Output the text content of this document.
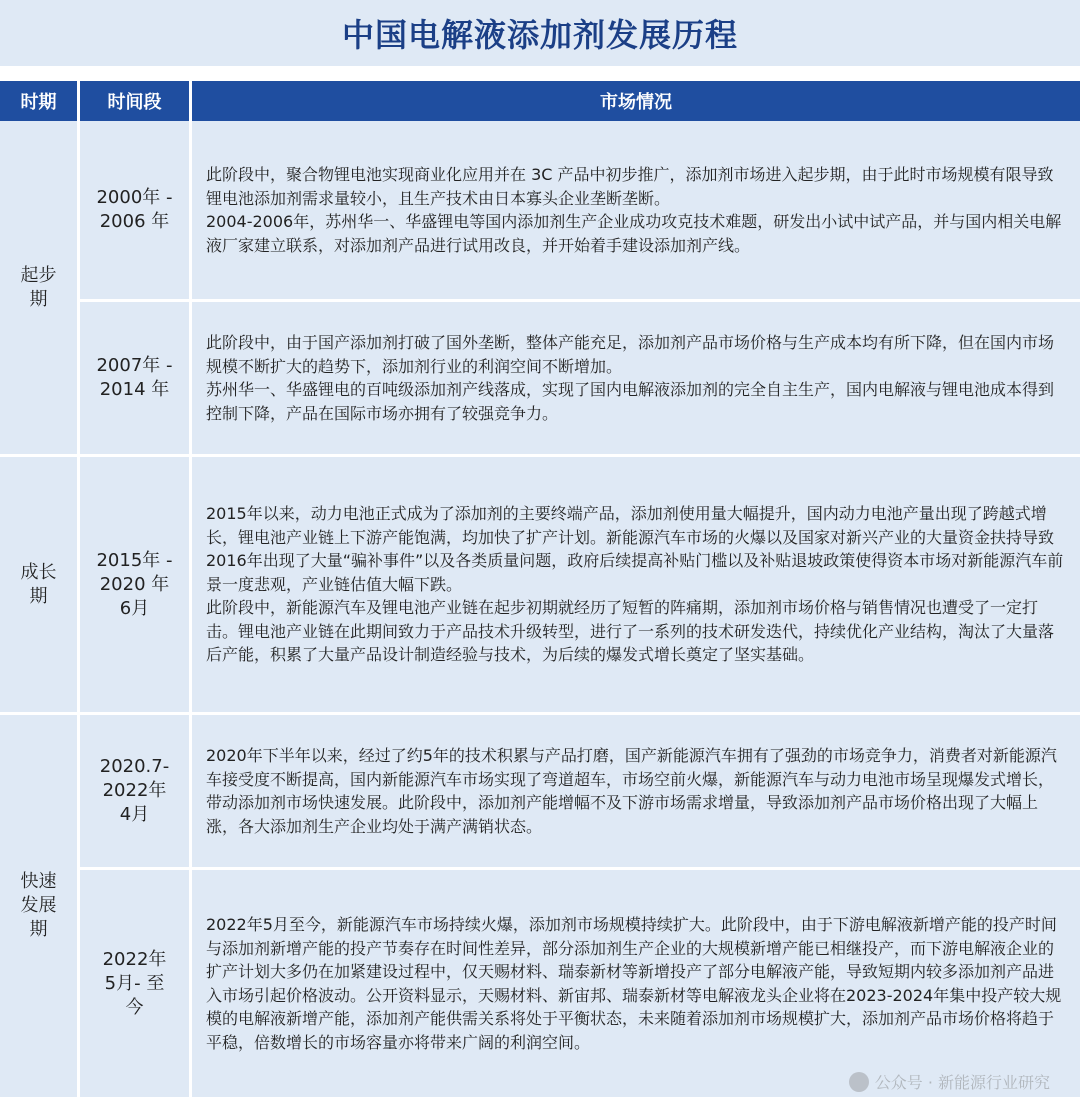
中国电解液添加剂发展历程
时期	时间段	市场情况
起步期	2000年 - 2006 年	此阶段中，聚合物锂电池实现商业化应用并在 3C 产品中初步推广，添加剂市场进入起步期，由于此时市场规模有限导致锂电池添加剂需求量较小，且生产技术由日本寡头企业垄断垄断。

2004-2006年，苏州华一、华盛锂电等国内添加剂生产企业成功攻克技术难题，研发出小试中试产品，并与国内相关电解液厂家建立联系，对添加剂产品进行试用改良，并开始着手建设添加剂产线。

	2007年 - 2014 年	此阶段中，由于国产添加剂打破了国外垄断，整体产能充足，添加剂产品市场价格与生产成本均有所下降，但在国内市场规模不断扩大的趋势下，添加剂行业的利润空间不断增加。

苏州华一、华盛锂电的百吨级添加剂产线落成，实现了国内电解液添加剂的完全自主生产，国内电解液与锂电池成本得到控制下降，产品在国际市场亦拥有了较强竞争力。

成长期	2015年 - 2020 年6月	2015年以来，动力电池正式成为了添加剂的主要终端产品，添加剂使用量大幅提升，国内动力电池产量出现了跨越式增长，锂电池产业链上下游产能饱满，均加快了扩产计划。新能源汽车市场的火爆以及国家对新兴产业的大量资金扶持导致2016年出现了大量“骗补事件”以及各类质量问题，政府后续提高补贴门槛以及补贴退坡政策使得资本市场对新能源汽车前景一度悲观，产业链估值大幅下跌。

此阶段中，新能源汽车及锂电池产业链在起步初期就经历了短暂的阵痛期，添加剂市场价格与销售情况也遭受了一定打击。锂电池产业链在此期间致力于产品技术升级转型，进行了一系列的技术研发迭代，持续优化产业结构，淘汰了大量落后产能，积累了大量产品设计制造经验与技术，为后续的爆发式增长奠定了坚实基础。

快速发展期	2020.7- 2022年 4月	2020年下半年以来，经过了约5年的技术积累与产品打磨，国产新能源汽车拥有了强劲的市场竞争力，消费者对新能源汽车接受度不断提高，国内新能源汽车市场实现了弯道超车，市场空前火爆，新能源汽车与动力电池市场呈现爆发式增长，带动添加剂市场快速发展。此阶段中，添加剂产能增幅不及下游市场需求增量，导致添加剂产品市场价格出现了大幅上涨，各大添加剂生产企业均处于满产满销状态。

	2022年 5月- 至 今	2022年5月至今，新能源汽车市场持续火爆，添加剂市场规模持续扩大。此阶段中，由于下游电解液新增产能的投产时间与添加剂新增产能的投产节奏存在时间性差异，部分添加剂生产企业的大规模新增产能已相继投产，而下游电解液企业的扩产计划大多仍在加紧建设过程中，仅天赐材料、瑞泰新材等新增投产了部分电解液产能，导致短期内较多添加剂产品进入市场引起价格波动。公开资料显示，天赐材料、新宙邦、瑞泰新材等电解液龙头企业将在2023-2024年集中投产较大规模的电解液新增产能，添加剂产能供需关系将处于平衡状态，未来随着添加剂市场规模扩大，添加剂产品市场价格将趋于平稳，倍数增长的市场容量亦将带来广阔的利润空间。

公众号 · 新能源行业研究
